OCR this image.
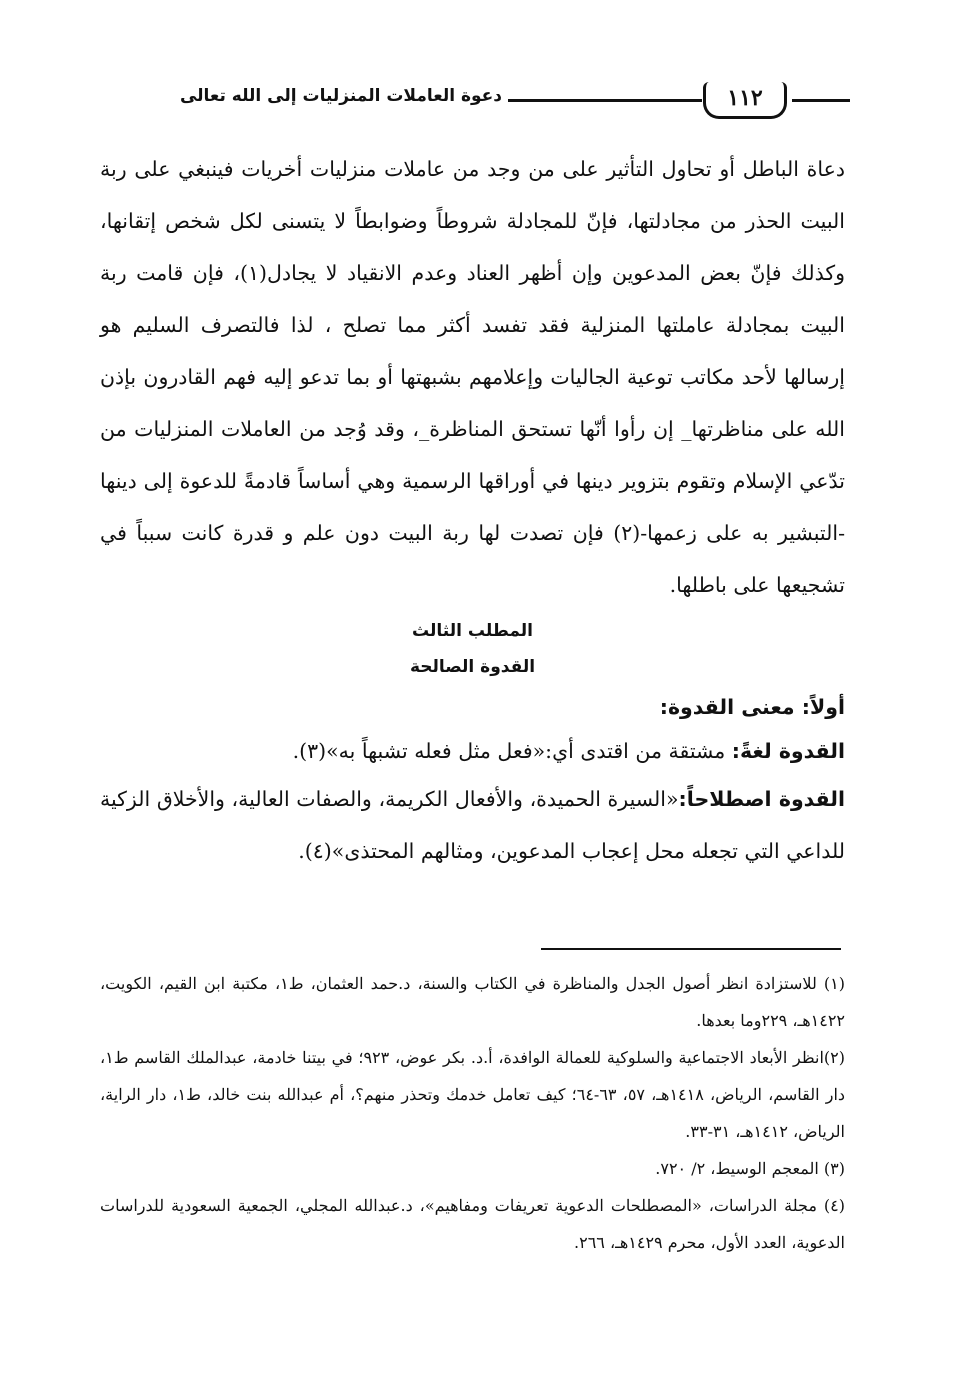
١١٢
دعوة العاملات المنزليات إلى الله تعالى

دعاة الباطل أو تحاول التأثير على من وجد من عاملات منزليات أخريات فينبغي على ربة البيت الحذر من مجادلتها، فإنّ للمجادلة شروطاً وضوابطاً لا يتسنى لكل شخص إتقانها، وكذلك فإنّ بعض المدعوين وإن أظهر العناد وعدم الانقياد لا يجادل(١)، فإن قامت ربة البيت بمجادلة عاملتها المنزلية فقد تفسد أكثر مما تصلح ، لذا فالتصرف السليم هو إرسالها لأحد مكاتب توعية الجاليات وإعلامهم بشبهتها أو بما تدعو إليه فهم القادرون بإذن الله على مناظرتها_ إن رأوا أنّها تستحق المناظرة_، وقد وُجد من العاملات المنزليات من تدّعي الإسلام وتقوم بتزوير دينها في أوراقها الرسمية وهي أساساً قادمةً للدعوة إلى دينها -التبشير به على زعمها-(٢) فإن تصدت لها ربة البيت دون علم و قدرة كانت سبباً في تشجيعها على باطلها.

المطلب الثالث

القدوة الصالحة

أولاً: معنى القدوة:

القدوة لغةً: مشتقة من اقتدى أي:«فعل مثل فعله تشبهاً به»(٣).

القدوة اصطلاحاً:«السيرة الحميدة، والأفعال الكريمة، والصفات العالية، والأخلاق الزكية للداعي التي تجعله محل إعجاب المدعوين، ومثالهم المحتذى»(٤).

(١) للاستزادة انظر أصول الجدل والمناظرة في الكتاب والسنة، د.حمد العثمان، ط١، مكتبة ابن القيم، الكويت، ١٤٢٢هـ، ٢٢٩وما بعدها.

(٢)انظر الأبعاد الاجتماعية والسلوكية للعمالة الوافدة، أ.د. بكر عوض، ٩٢٣؛ في بيتنا خادمة، عبدالملك القاسم ط١، دار القاسم، الرياض، ١٤١٨هـ، ٥٧، ٦٣-٦٤؛ كيف تعامل خدمك وتحذر منهم؟، أم عبدالله بنت خالد، ط١، دار الراية، الرياض، ١٤١٢هـ، ٣١-٣٣.

(٣) المعجم الوسيط، ٢/ ٧٢٠.

(٤) مجلة الدراسات، «المصطلحات الدعوية تعريفات ومفاهيم»، د.عبدالله المجلي، الجمعية السعودية للدراسات الدعوية، العدد الأول، محرم ١٤٢٩هـ، ٢٦٦.
